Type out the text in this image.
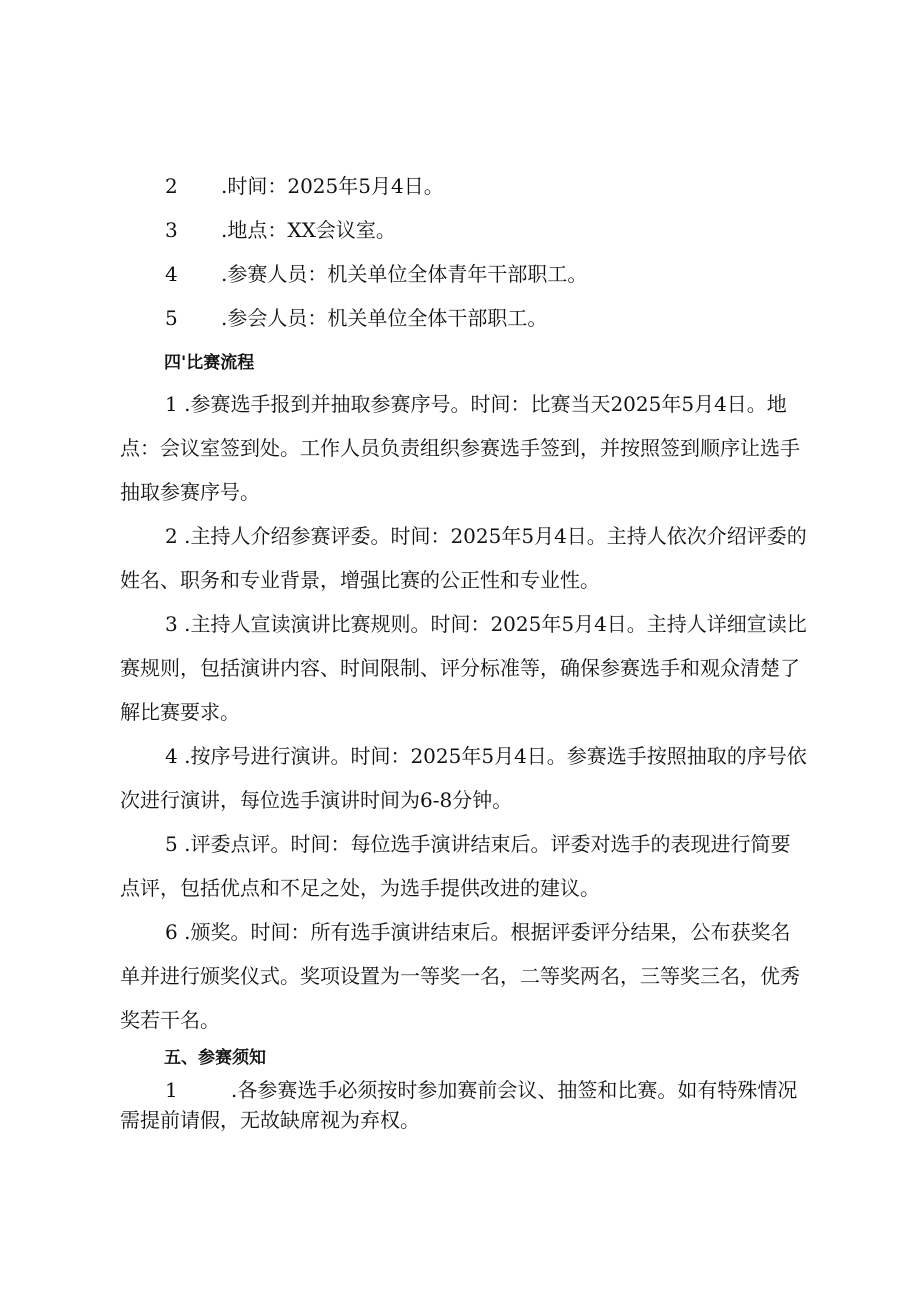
2 .时间：2025年5月4日。
3 .地点：XX会议室。
4 .参赛人员：机关单位全体青年干部职工。
5 .参会人员：机关单位全体干部职工。
四'比赛流程

1 .参赛选手报到并抽取参赛序号。时间：比赛当天2025年5月4日。地点：会议室签到处。工作人员负责组织参赛选手签到，并按照签到顺序让选手抽取参赛序号。

2 .主持人介绍参赛评委。时间：2025年5月4日。主持人依次介绍评委的姓名、职务和专业背景，增强比赛的公正性和专业性。

3 .主持人宣读演讲比赛规则。时间：2025年5月4日。主持人详细宣读比赛规则，包括演讲内容、时间限制、评分标准等，确保参赛选手和观众清楚了解比赛要求。

4 .按序号进行演讲。时间：2025年5月4日。参赛选手按照抽取的序号依次进行演讲，每位选手演讲时间为6-8分钟。

5 .评委点评。时间：每位选手演讲结束后。评委对选手的表现进行简要点评，包括优点和不足之处，为选手提供改进的建议。

6 .颁奖。时间：所有选手演讲结束后。根据评委评分结果，公布获奖名单并进行颁奖仪式。奖项设置为一等奖一名，二等奖两名，三等奖三名，优秀奖若干名。

五、参赛须知

1	.各参赛选手必须按时参加赛前会议、抽签和比赛。如有特殊情况需提前请假，无故缺席视为弃权。
